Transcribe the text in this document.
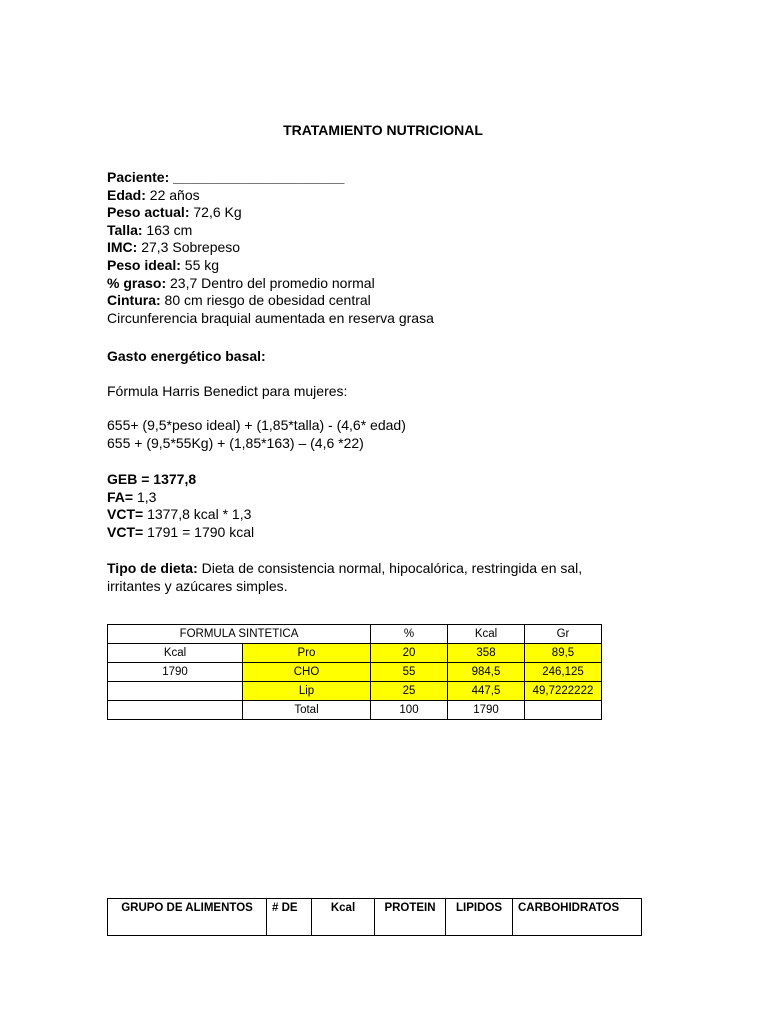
TRATAMIENTO NUTRICIONAL
Paciente: ______________________
Edad: 22 años
Peso actual: 72,6 Kg
Talla: 163 cm
IMC: 27,3 Sobrepeso
Peso ideal: 55 kg
% graso: 23,7 Dentro del promedio normal
Cintura: 80 cm riesgo de obesidad central
Circunferencia braquial aumentada en reserva grasa
Gasto energético basal:
Fórmula Harris Benedict para mujeres:
655+ (9,5*peso ideal) + (1,85*talla) - (4,6* edad)
655 + (9,5*55Kg) + (1,85*163) – (4,6 *22)
GEB = 1377,8
FA= 1,3
VCT= 1377,8 kcal * 1,3
VCT= 1791 = 1790 kcal
Tipo de dieta: Dieta de consistencia normal, hipocalórica, restringida en sal, irritantes y azúcares simples.
FORMULA SINTETICA		%	Kcal	Gr
Kcal	Pro	20	358	89,5
1790	CHO	55	984,5	246,125
	Lip	25	447,5	49,7222222
	Total	100	1790	
GRUPO DE ALIMENTOS	# DE	Kcal	PROTEIN	LIPIDOS	CARBOHIDRATOS
